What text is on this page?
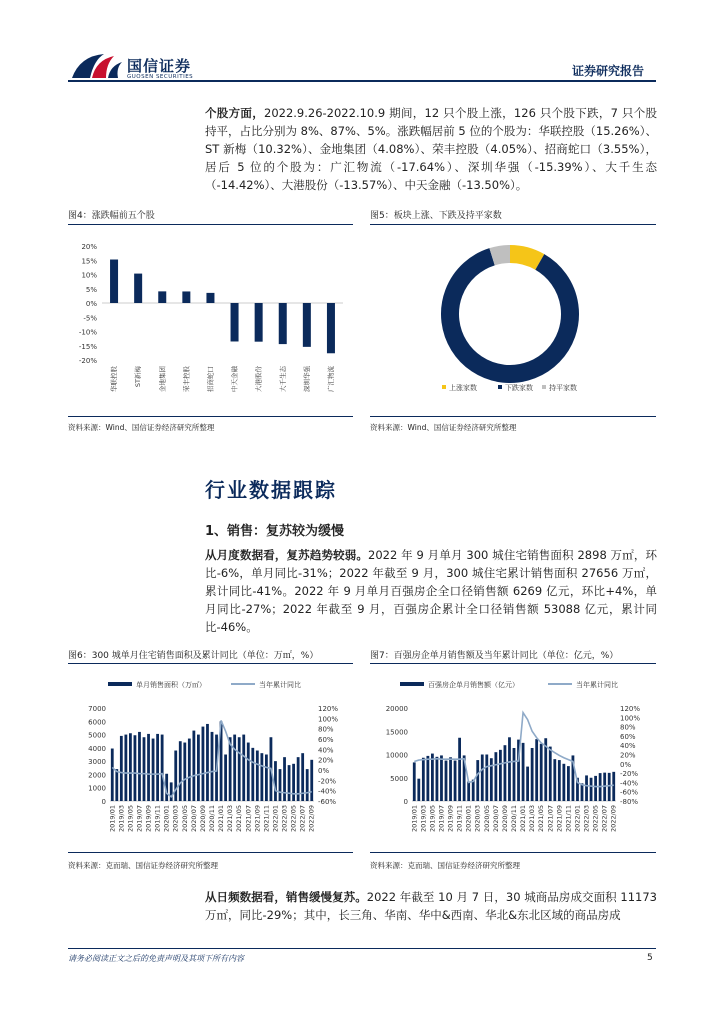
国信证券
GUOSEN SECURITIES	证券研究报告
个股方面，2022.9.26-2022.10.9 期间，12 只个股上涨，126 只个股下跌，7 只个股持平，占比分别为 8%、87%、5%。涨跌幅居前 5 位的个股为：华联控股（15.26%）、ST 新梅（10.32%）、金地集团（4.08%）、荣丰控股（4.05%）、招商蛇口（3.55%），居后 5 位的个股为：广汇物流（-17.64%）、深圳华强（-15.39%）、大千生态（-14.42%）、大港股份（-13.57%）、中天金融（-13.50%）。
图4：涨跌幅前五个股
-20%
-15%
-10%
-5%
0%
5%
10%
15%
20%
华联控股 ST新梅 金地集团 荣丰控股 招商蛇口 中天金融 大港股份 大千生态 深圳华强 广汇物流
资料来源：Wind、国信证券经济研究所整理
图5：板块上涨、下跌及持平家数
上涨家数	下跌家数 持平家数
资料来源：Wind、国信证券经济研究所整理
行业数据跟踪
1、销售：复苏较为缓慢
从月度数据看，复苏趋势较弱。2022 年 9 月单月 300 城住宅销售面积 2898 万㎡，环比-6%，单月同比-31%；2022 年截至 9 月，300 城住宅累计销售面积 27656 万㎡，累计同比-41%。2022 年 9 月单月百强房企全口径销售额 6269 亿元，环比+4%，单月同比-27%；2022 年截至 9 月，百强房企累计全口径销售额 53088 亿元，累计同比-46%。
图6：300 城单月住宅销售面积及累计同比（单位：万㎡，%）
单月销售面积（万㎡）	当年累计同比
0
1000
2000
3000
4000
5000
6000
7000
-60%
-40%
-20%
0%
20%
40%
60%
80%
100%
120%
2019/01 2019/03 2019/05 2019/07 2019/09 2019/11 2020/01 2020/03 2020/05 2020/07 2020/09 2020/11 2021/01 2021/03 2021/05 2021/07 2021/09 2021/11 2022/01 2022/03 2022/05 2022/07 2022/09
资料来源：克而瑞、国信证券经济研究所整理
图7：百强房企单月销售额及当年累计同比（单位：亿元，%）
百强房企单月销售额（亿元）	当年累计同比
0
5000
10000
15000
20000
-80%
-60%
-40%
-20%
0%
20%
40%
60%
80%
100%
120%
2019/01 2019/03 2019/05 2019/07 2019/09 2019/11 2020/01 2020/03 2020/05 2020/07 2020/09 2020/11 2021/01 2021/03 2021/05 2021/07 2021/09 2021/11 2022/01 2022/03 2022/05 2022/07 2022/09
资料来源：克而瑞、国信证券经济研究所整理
从日频数据看，销售缓慢复苏。2022 年截至 10 月 7 日，30 城商品房成交面积 11173 万㎡，同比-29%；其中，长三角、华南、华中&西南、华北&东北区域的商品房成
请务必阅读正文之后的免责声明及其项下所有内容	5
